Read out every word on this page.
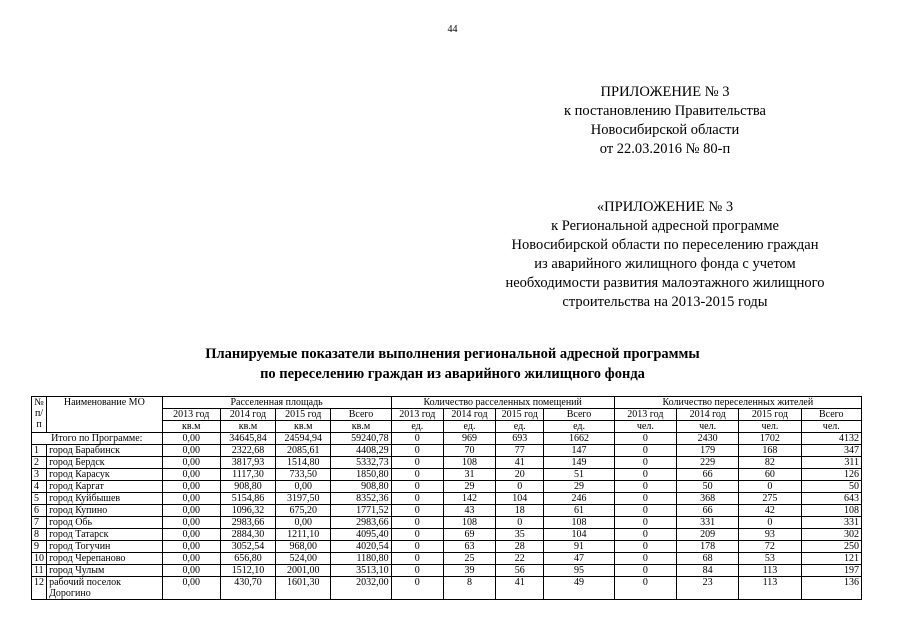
44
ПРИЛОЖЕНИЕ № 3
к постановлению Правительства
Новосибирской области
от 22.03.2016 № 80-п
«ПРИЛОЖЕНИЕ № 3
к Региональной адресной программе
Новосибирской области по переселению граждан
из аварийного жилищного фонда с учетом
необходимости развития малоэтажного жилищного
строительства на 2013-2015 годы
Планируемые показатели выполнения региональной адресной программы
по переселению граждан из аварийного жилищного фонда
№ п/п	Наименование МО	Расселенная площадь				Количество расселенных помещений				Количество переселенных жителей			
		2013 год	2014 год	2015 год	Всего	2013 год	2014 год	2015 год	Всего	2013 год	2014 год	2015 год	Всего
		кв.м	кв.м	кв.м	кв.м	ед.	ед.	ед.	ед.	чел.	чел.	чел.	чел.
Итого по Программе:		0,00	34645,84	24594,94	59240,78	0	969	693	1662	0	2430	1702	4132
1	город Барабинск	0,00	2322,68	2085,61	4408,29	0	70	77	147	0	179	168	347
2	город Бердск	0,00	3817,93	1514,80	5332,73	0	108	41	149	0	229	82	311
3	город Карасук	0,00	1117,30	733,50	1850,80	0	31	20	51	0	66	60	126
4	город Каргат	0,00	908,80	0,00	908,80	0	29	0	29	0	50	0	50
5	город Куйбышев	0,00	5154,86	3197,50	8352,36	0	142	104	246	0	368	275	643
6	город Купино	0,00	1096,32	675,20	1771,52	0	43	18	61	0	66	42	108
7	город Обь	0,00	2983,66	0,00	2983,66	0	108	0	108	0	331	0	331
8	город Татарск	0,00	2884,30	1211,10	4095,40	0	69	35	104	0	209	93	302
9	город Тогучин	0,00	3052,54	968,00	4020,54	0	63	28	91	0	178	72	250
10	город Черепаново	0,00	656,80	524,00	1180,80	0	25	22	47	0	68	53	121
11	город Чулым	0,00	1512,10	2001,00	3513,10	0	39	56	95	0	84	113	197
12	рабочий поселок Дорогино	0,00	430,70	1601,30	2032,00	0	8	41	49	0	23	113	136
